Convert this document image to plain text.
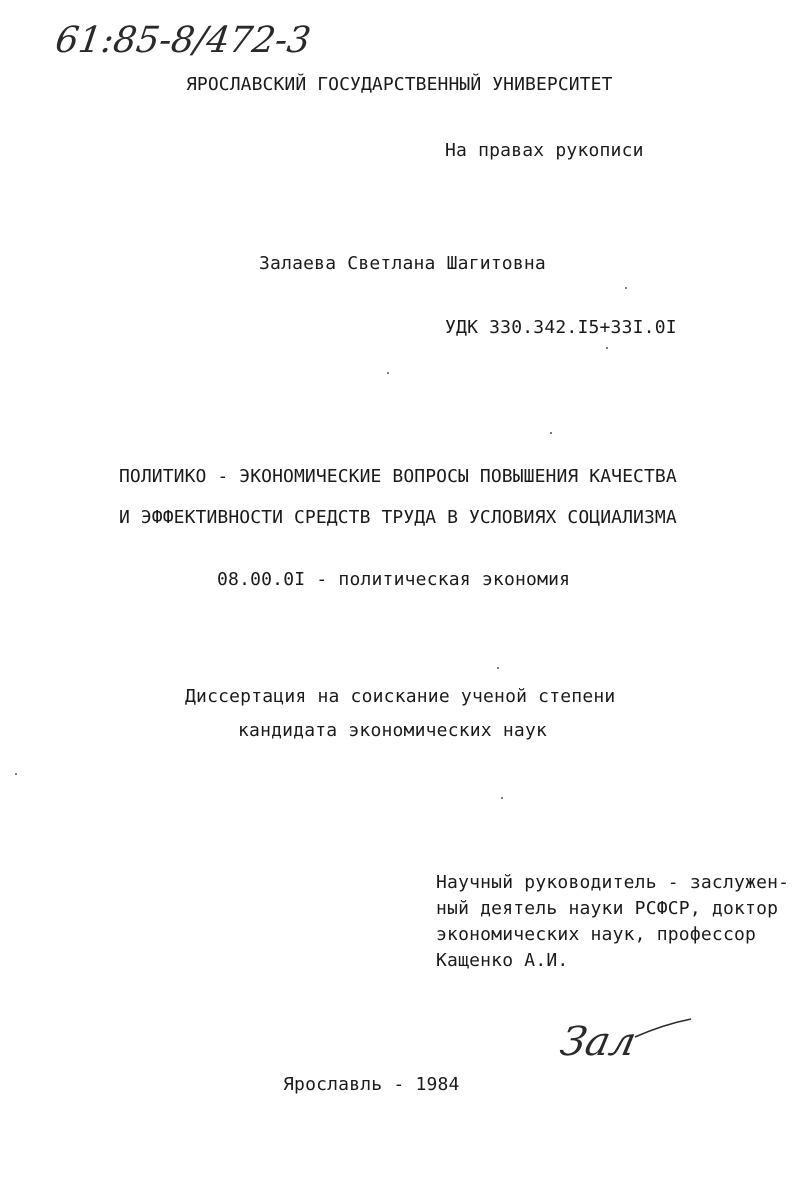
61:85-8/472-3
ЯРОСЛАВСКИЙ ГОСУДАРСТВЕННЫЙ УНИВЕРСИТЕТ
На правах рукописи
Залаева Светлана Шагитовна
УДК 330.342.I5+33I.0I
ПОЛИТИКО - ЭКОНОМИЧЕСКИЕ ВОПРОСЫ ПОВЫШЕНИЯ КАЧЕСТВА
И ЭФФЕКТИВНОСТИ СРЕДСТВ ТРУДА В УСЛОВИЯХ СОЦИАЛИЗМА
08.00.0I - политическая экономия
Диссертация на соискание ученой степени
кандидата экономических наук
Научный руководитель - заслужен-
ный деятель науки РСФСР, доктор
экономических наук, профессор
Кащенко А.И.
Зал
Ярославль - 1984
